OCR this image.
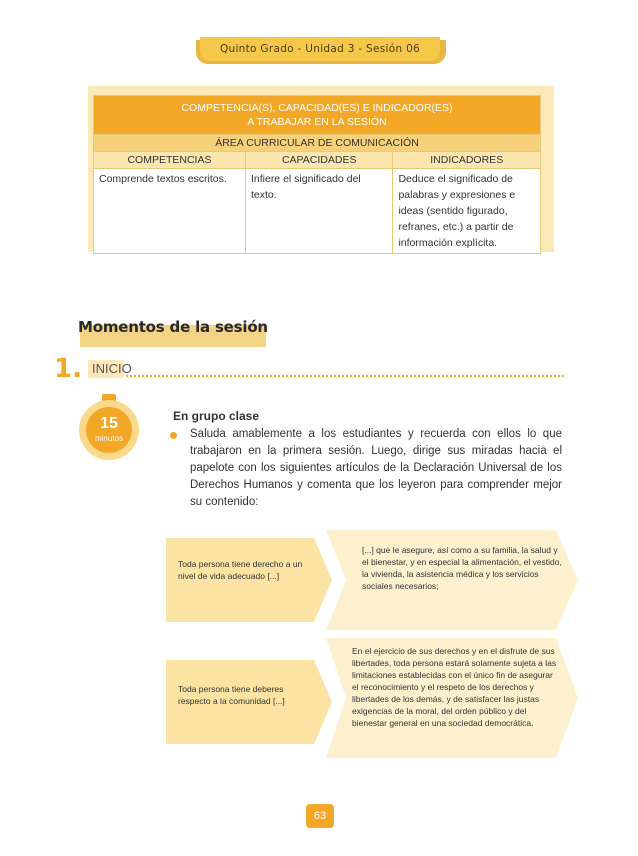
Quinto Grado - Unidad 3 - Sesión 06
COMPETENCIA(S), CAPACIDAD(ES) E INDICADOR(ES)
A TRABAJAR EN LA SESIÓN		

ÁREA CURRICULAR DE COMUNICACIÓN		
COMPETENCIAS	CAPACIDADES	INDICADORES
Comprende textos escritos.	Infiere el significado del texto.	Deduce el significado de palabras y expresiones e ideas (sentido figurado, refranes, etc.) a partir de información explícita.
Momentos de la sesión
1. INICIO
15
minutos
En grupo clase
Saluda amablemente a los estudiantes y recuerda con ellos lo que trabajaron en la primera sesión. Luego, dirige sus miradas hacia el papelote con los siguientes artículos de la Declaración Universal de los Derechos Humanos y comenta que los leyeron para comprender mejor su contenido:
Toda persona tiene derecho a un nivel de vida adecuado [...]
[...] que le asegure, así como a su familia, la salud y el bienestar, y en especial la alimentación, el vestido, la vivienda, la asistencia médica y los servicios sociales necesarios;
Toda persona tiene deberes respecto a la comunidad [...]
En el ejercicio de sus derechos y en el disfrute de sus libertades, toda persona estará solamente sujeta a las limitaciones establecidas con el único fin de asegurar el reconocimiento y el respeto de los derechos y libertades de los demás, y de satisfacer las justas exigencias de la moral, del orden público y del bienestar general en una sociedad democrática.
63
